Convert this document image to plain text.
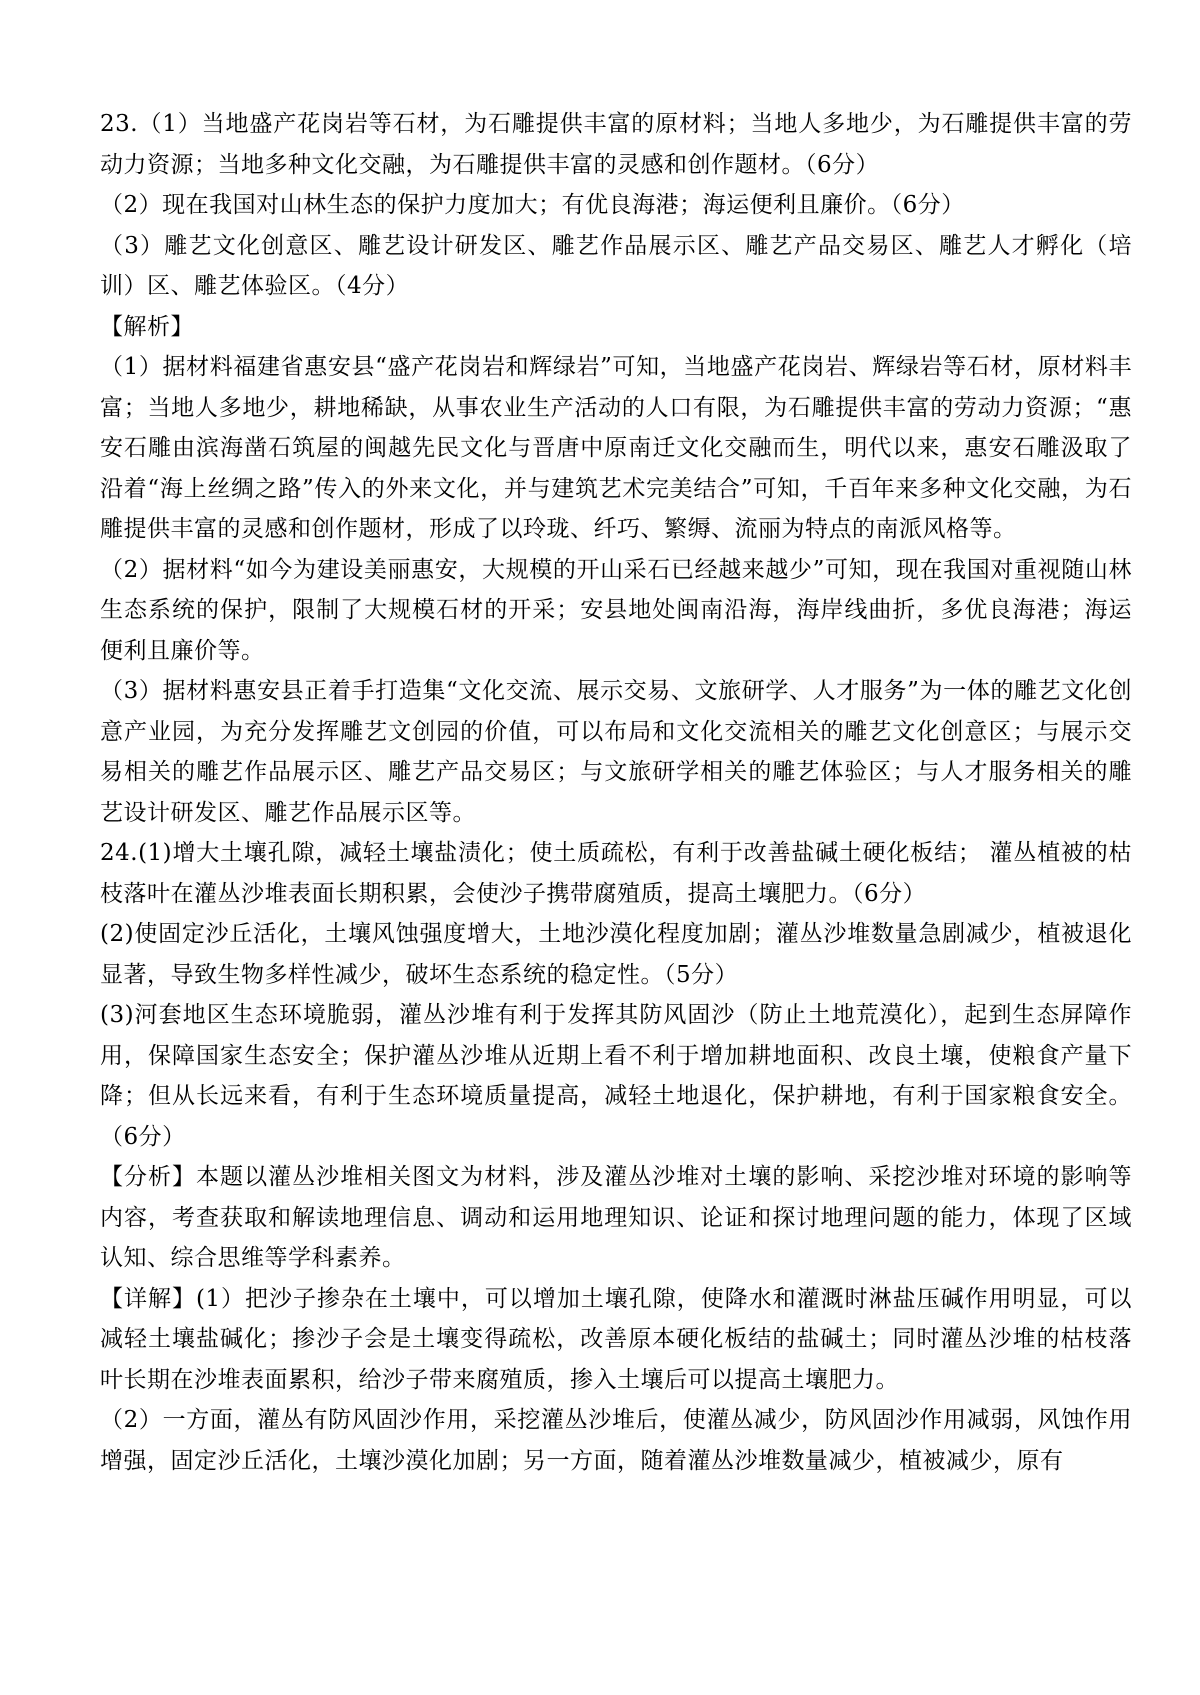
23.（1）当地盛产花岗岩等石材，为石雕提供丰富的原材料；当地人多地少，为石雕提供丰富的劳动力资源；当地多种文化交融，为石雕提供丰富的灵感和创作题材。（6分）

（2）现在我国对山林生态的保护力度加大；有优良海港；海运便利且廉价。（6分）

（3）雕艺文化创意区、雕艺设计研发区、雕艺作品展示区、雕艺产品交易区、雕艺人才孵化（培训）区、雕艺体验区。（4分）

【解析】

（1）据材料福建省惠安县“盛产花岗岩和辉绿岩”可知，当地盛产花岗岩、辉绿岩等石材，原材料丰富；当地人多地少，耕地稀缺，从事农业生产活动的人口有限，为石雕提供丰富的劳动力资源；“惠安石雕由滨海凿石筑屋的闽越先民文化与晋唐中原南迁文化交融而生，明代以来，惠安石雕汲取了沿着“海上丝绸之路”传入的外来文化，并与建筑艺术完美结合”可知，千百年来多种文化交融，为石雕提供丰富的灵感和创作题材，形成了以玲珑、纤巧、繁缛、流丽为特点的南派风格等。

（2）据材料“如今为建设美丽惠安，大规模的开山采石已经越来越少”可知，现在我国对重视随山林生态系统的保护，限制了大规模石材的开采；安县地处闽南沿海，海岸线曲折，多优良海港；海运便利且廉价等。

（3）据材料惠安县正着手打造集“文化交流、展示交易、文旅研学、人才服务”为一体的雕艺文化创意产业园，为充分发挥雕艺文创园的价值，可以布局和文化交流相关的雕艺文化创意区；与展示交易相关的雕艺作品展示区、雕艺产品交易区；与文旅研学相关的雕艺体验区；与人才服务相关的雕艺设计研发区、雕艺作品展示区等。

24.(1)增大土壤孔隙，减轻土壤盐渍化；使土质疏松，有利于改善盐碱土硬化板结； 灌丛植被的枯枝落叶在灌丛沙堆表面长期积累，会使沙子携带腐殖质，提高土壤肥力。（6分）

(2)使固定沙丘活化，土壤风蚀强度增大，土地沙漠化程度加剧；灌丛沙堆数量急剧减少，植被退化显著，导致生物多样性减少，破坏生态系统的稳定性。（5分）

(3)河套地区生态环境脆弱，灌丛沙堆有利于发挥其防风固沙（防止土地荒漠化），起到生态屏障作用，保障国家生态安全；保护灌丛沙堆从近期上看不利于增加耕地面积、改良土壤，使粮食产量下降；但从长远来看，有利于生态环境质量提高，减轻土地退化，保护耕地，有利于国家粮食安全。（6分）

【分析】本题以灌丛沙堆相关图文为材料，涉及灌丛沙堆对土壤的影响、采挖沙堆对环境的影响等内容，考查获取和解读地理信息、调动和运用地理知识、论证和探讨地理问题的能力，体现了区域认知、综合思维等学科素养。

【详解】(1）把沙子掺杂在土壤中，可以增加土壤孔隙，使降水和灌溉时淋盐压碱作用明显，可以减轻土壤盐碱化；掺沙子会是土壤变得疏松，改善原本硬化板结的盐碱土；同时灌丛沙堆的枯枝落叶长期在沙堆表面累积，给沙子带来腐殖质，掺入土壤后可以提高土壤肥力。

（2）一方面，灌丛有防风固沙作用，采挖灌丛沙堆后，使灌丛减少，防风固沙作用减弱，风蚀作用增强，固定沙丘活化，土壤沙漠化加剧；另一方面，随着灌丛沙堆数量减少，植被减少，原有
